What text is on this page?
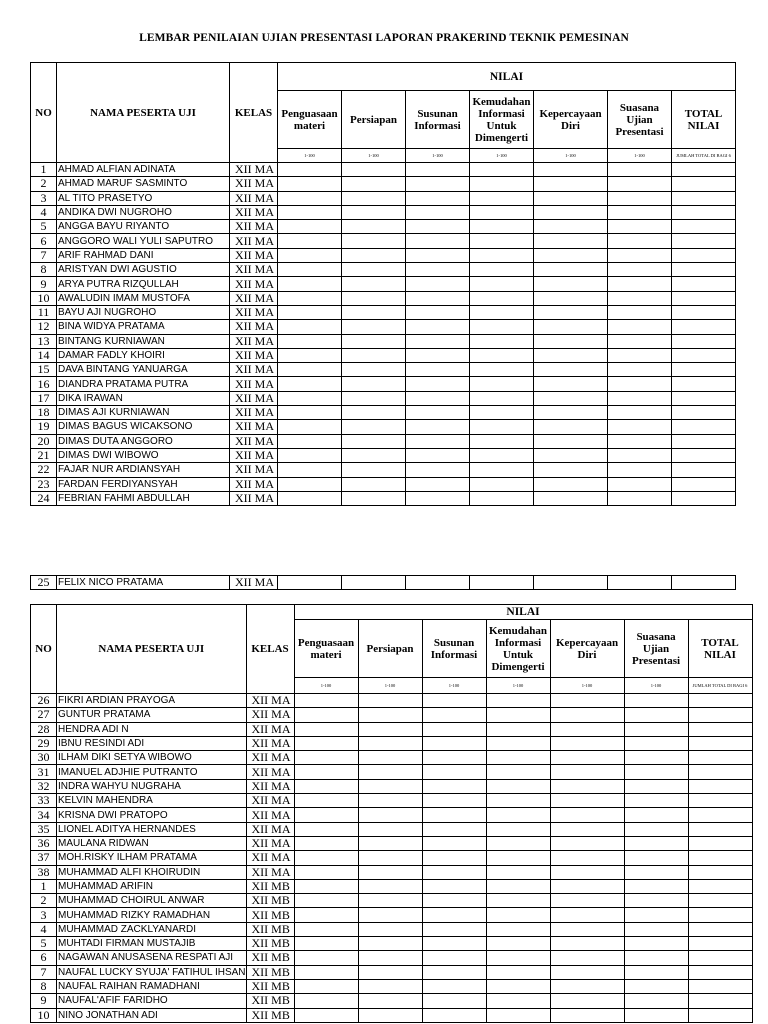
LEMBAR PENILAIAN UJIAN PRESENTASI LAPORAN PRAKERIND TEKNIK PEMESINAN
NO	NAMA PESERTA UJI	KELAS	NILAI						
			Penguasaan materi	Persiapan	Susunan Informasi	Kemudahan Informasi Untuk Dimengerti	Kepercayaan Diri	Suasana Ujian Presentasi	TOTAL NILAI
			1-100	1-100	1-100	1-100	1-100	1-100	JUMLAH TOTAL DI BAGI 6
1	AHMAD ALFIAN ADINATA	XII MA							
2	AHMAD MARUF SASMINTO	XII MA							
3	AL TITO PRASETYO	XII MA							
4	ANDIKA DWI NUGROHO	XII MA							
5	ANGGA BAYU RIYANTO	XII MA							
6	ANGGORO WALI YULI SAPUTRO	XII MA							
7	ARIF RAHMAD DANI	XII MA							
8	ARISTYAN DWI AGUSTIO	XII MA							
9	ARYA PUTRA RIZQULLAH	XII MA							
10	AWALUDIN IMAM MUSTOFA	XII MA							
11	BAYU AJI NUGROHO	XII MA							
12	BINA WIDYA PRATAMA	XII MA							
13	BINTANG KURNIAWAN	XII MA							
14	DAMAR FADLY KHOIRI	XII MA							
15	DAVA BINTANG YANUARGA	XII MA							
16	DIANDRA PRATAMA PUTRA	XII MA							
17	DIKA IRAWAN	XII MA							
18	DIMAS AJI KURNIAWAN	XII MA							
19	DIMAS BAGUS WICAKSONO	XII MA							
20	DIMAS DUTA ANGGORO	XII MA							
21	DIMAS DWI WIBOWO	XII MA							
22	FAJAR NUR ARDIANSYAH	XII MA							
23	FARDAN FERDIYANSYAH	XII MA							
24	FEBRIAN FAHMI ABDULLAH	XII MA							
25	FELIX NICO PRATAMA	XII MA							
NO	NAMA PESERTA UJI	KELAS	NILAI						
			Penguasaan materi	Persiapan	Susunan Informasi	Kemudahan Informasi Untuk Dimengerti	Kepercayaan Diri	Suasana Ujian Presentasi	TOTAL NILAI
			1-100	1-100	1-100	1-100	1-100	1-100	JUMLAH TOTAL DI BAGI 6
26	FIKRI ARDIAN PRAYOGA	XII MA							
27	GUNTUR PRATAMA	XII MA							
28	HENDRA ADI N	XII MA							
29	IBNU RESINDI ADI	XII MA							
30	ILHAM DIKI SETYA WIBOWO	XII MA							
31	IMANUEL ADJHIE PUTRANTO	XII MA							
32	INDRA WAHYU NUGRAHA	XII MA							
33	KELVIN MAHENDRA	XII MA							
34	KRISNA DWI PRATOPO	XII MA							
35	LIONEL ADITYA HERNANDES	XII MA							
36	MAULANA RIDWAN	XII MA							
37	MOH.RISKY ILHAM PRATAMA	XII MA							
38	MUHAMMAD ALFI KHOIRUDIN	XII MA							
1	MUHAMMAD ARIFIN	XII MB							
2	MUHAMMAD CHOIRUL ANWAR	XII MB							
3	MUHAMMAD RIZKY RAMADHAN	XII MB							
4	MUHAMMAD ZACKLYANARDI	XII MB							
5	MUHTADI FIRMAN MUSTAJIB	XII MB							
6	NAGAWAN ANUSASENA RESPATI AJI	XII MB							
7	NAUFAL LUCKY SYUJA' FATIHUL IHSAN	XII MB							
8	NAUFAL RAIHAN RAMADHANI	XII MB							
9	NAUFAL'AFIF FARIDHO	XII MB							
10	NINO JONATHAN ADI	XII MB							
